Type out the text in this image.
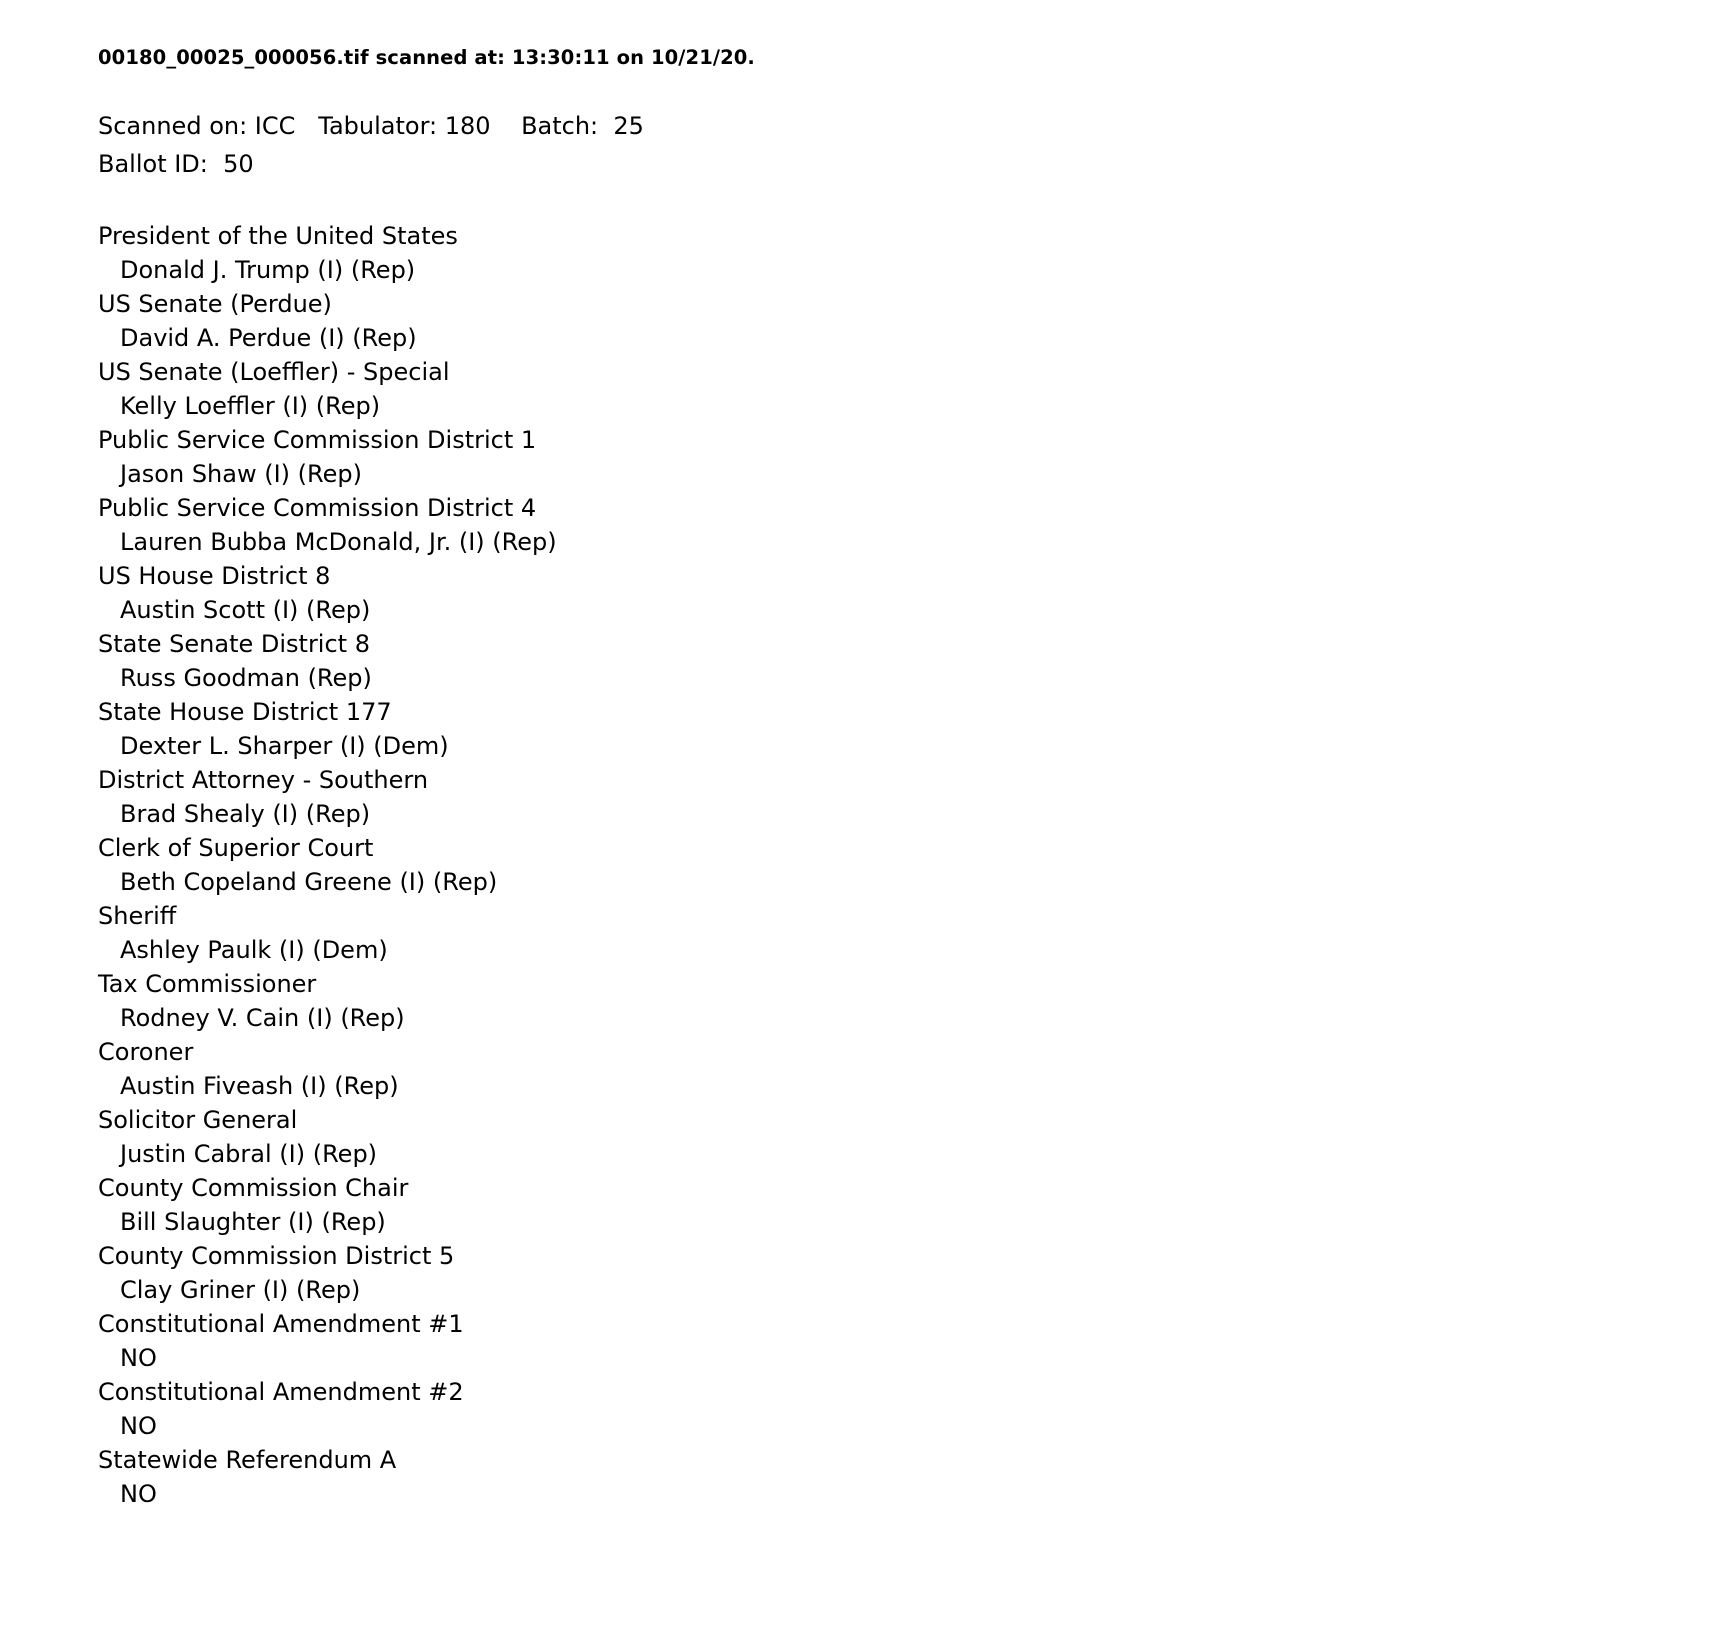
00180_00025_000056.tif scanned at: 13:30:11 on 10/21/20.
Scanned on: ICC   Tabulator: 180    Batch:  25
Ballot ID:  50
President of the United States
Donald J. Trump (I) (Rep)
US Senate (Perdue)
David A. Perdue (I) (Rep)
US Senate (Loeffler) - Special
Kelly Loeffler (I) (Rep)
Public Service Commission District 1
Jason Shaw (I) (Rep)
Public Service Commission District 4
Lauren Bubba McDonald, Jr. (I) (Rep)
US House District 8
Austin Scott (I) (Rep)
State Senate District 8
Russ Goodman (Rep)
State House District 177
Dexter L. Sharper (I) (Dem)
District Attorney - Southern
Brad Shealy (I) (Rep)
Clerk of Superior Court
Beth Copeland Greene (I) (Rep)
Sheriff
Ashley Paulk (I) (Dem)
Tax Commissioner
Rodney V. Cain (I) (Rep)
Coroner
Austin Fiveash (I) (Rep)
Solicitor General
Justin Cabral (I) (Rep)
County Commission Chair
Bill Slaughter (I) (Rep)
County Commission District 5
Clay Griner (I) (Rep)
Constitutional Amendment #1
NO
Constitutional Amendment #2
NO
Statewide Referendum A
NO
